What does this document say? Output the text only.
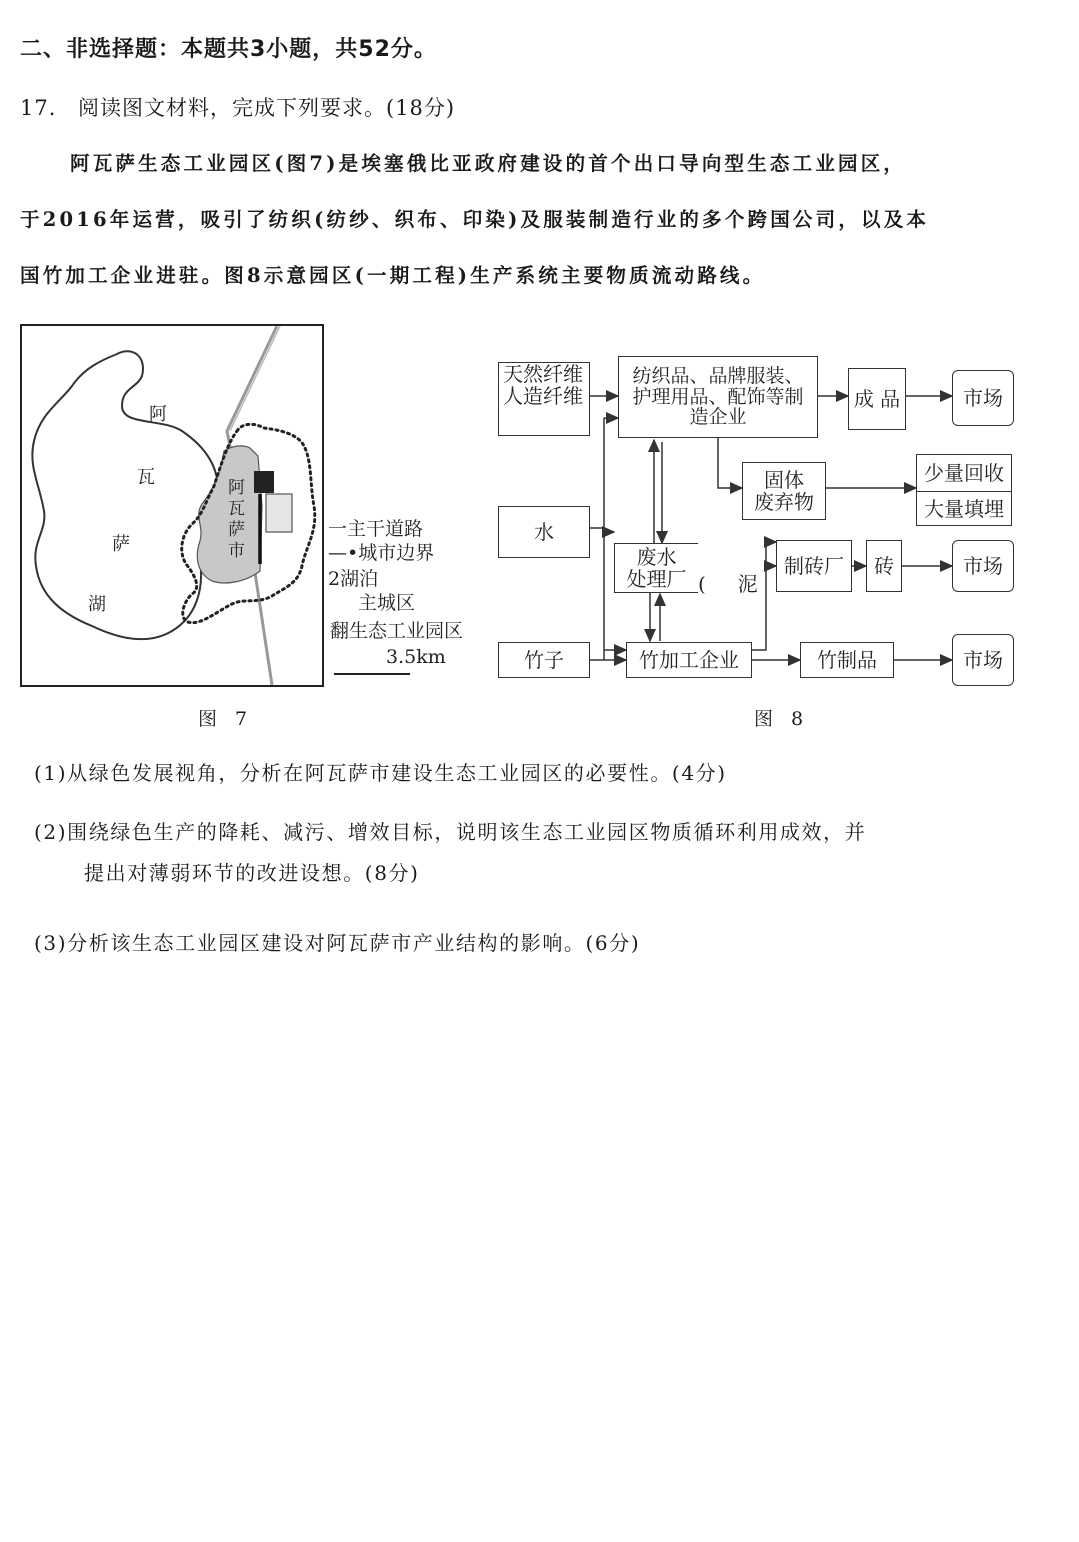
二、非选择题：本题共3小题，共52分。
17. 阅读图文材料，完成下列要求。(18分)
阿瓦萨生态工业园区(图7)是埃塞俄比亚政府建设的首个出口导向型生态工业园区，
于2016年运营，吸引了纺织(纺纱、织布、印染)及服装制造行业的多个跨国公司，以及本
国竹加工企业进驻。图8示意园区(一期工程)生产系统主要物质流动路线。
阿
瓦
萨
湖
阿瓦萨市	一主干道路
—•城市边界
2湖泊
主城区
翻生态工业园区
3.5km
图 7	图 8
天然纤维
人造纤维
纺织品、品牌服装、
护理用品、配饰等制
造企业
成 品	市场
固体
废弃物
少量回收
大量填埋
水
废水
处理厂 (     泥
制砖厂	砖	市场
竹子	竹加工企业	竹制品	市场
(1)从绿色发展视角，分析在阿瓦萨市建设生态工业园区的必要性。(4分)
(2)围绕绿色生产的降耗、减污、增效目标，说明该生态工业园区物质循环利用成效，并
提出对薄弱环节的改进设想。(8分)
(3)分析该生态工业园区建设对阿瓦萨市产业结构的影响。(6分)
